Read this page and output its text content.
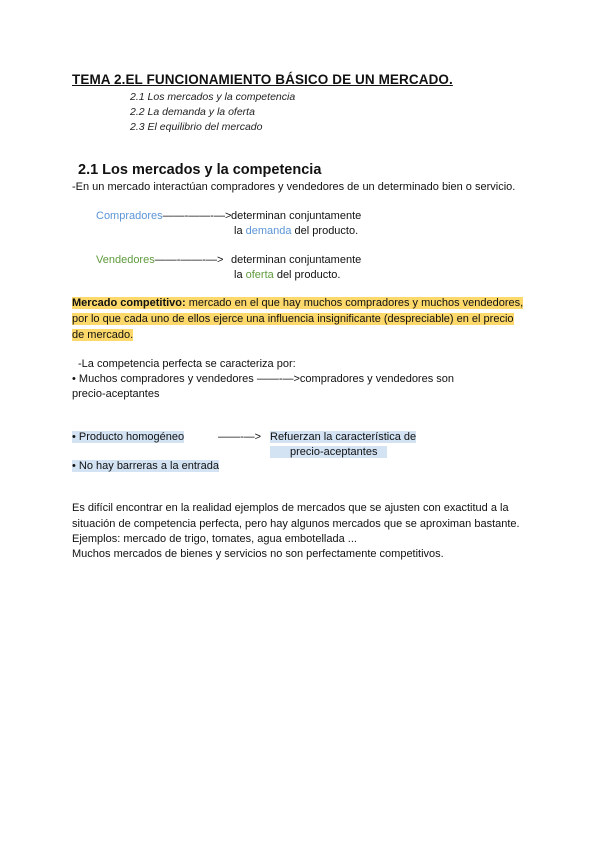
TEMA 2.EL FUNCIONAMIENTO BÁSICO DE UN MERCADO.
2.1 Los mercados y la competencia
2.2 La demanda y la oferta
2.3 El equilibrio del mercado
2.1 Los mercados y la competencia
-En un mercado interactúan compradores y vendedores de un determinado bien o servicio.
Compradores——-——-—> determinan conjuntamente
la demanda del producto.
Vendedores——-——-—> determinan conjuntamente
la oferta del producto.
Mercado competitivo: mercado en el que hay muchos compradores y muchos vendedores,
por lo que cada uno de ellos ejerce una influencia insignificante (despreciable) en el precio
de mercado.
-La competencia perfecta se caracteriza por:
• Muchos compradores y vendedores ——-—>compradores y vendedores son
precio-aceptantes
• Producto homogéneo	——-—> Refuerzan la característica de
precio-aceptantes
• No hay barreras a la entrada
Es difícil encontrar en la realidad ejemplos de mercados que se ajusten con exactitud a la
situación de competencia perfecta, pero hay algunos mercados que se aproximan bastante.
Ejemplos: mercado de trigo, tomates, agua embotellada ...
Muchos mercados de bienes y servicios no son perfectamente competitivos.
